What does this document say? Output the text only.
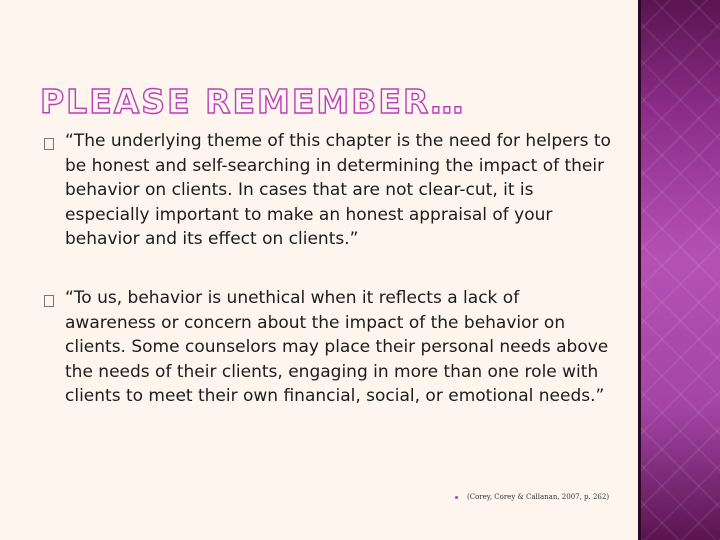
PLEASE REMEMBER…
“The underlying theme of this chapter is the need for helpers to be honest and self-searching in determining the impact of their behavior on clients. In cases that are not clear-cut, it is especially important to make an honest appraisal of your behavior and its effect on clients.”
“To us, behavior is unethical when it reflects a lack of awareness or concern about the impact of the behavior on clients. Some counselors may place their personal needs above the needs of their clients, engaging in more than one role with clients to meet their own financial, social, or emotional needs.”
(Corey, Corey & Callanan, 2007, p. 262)
